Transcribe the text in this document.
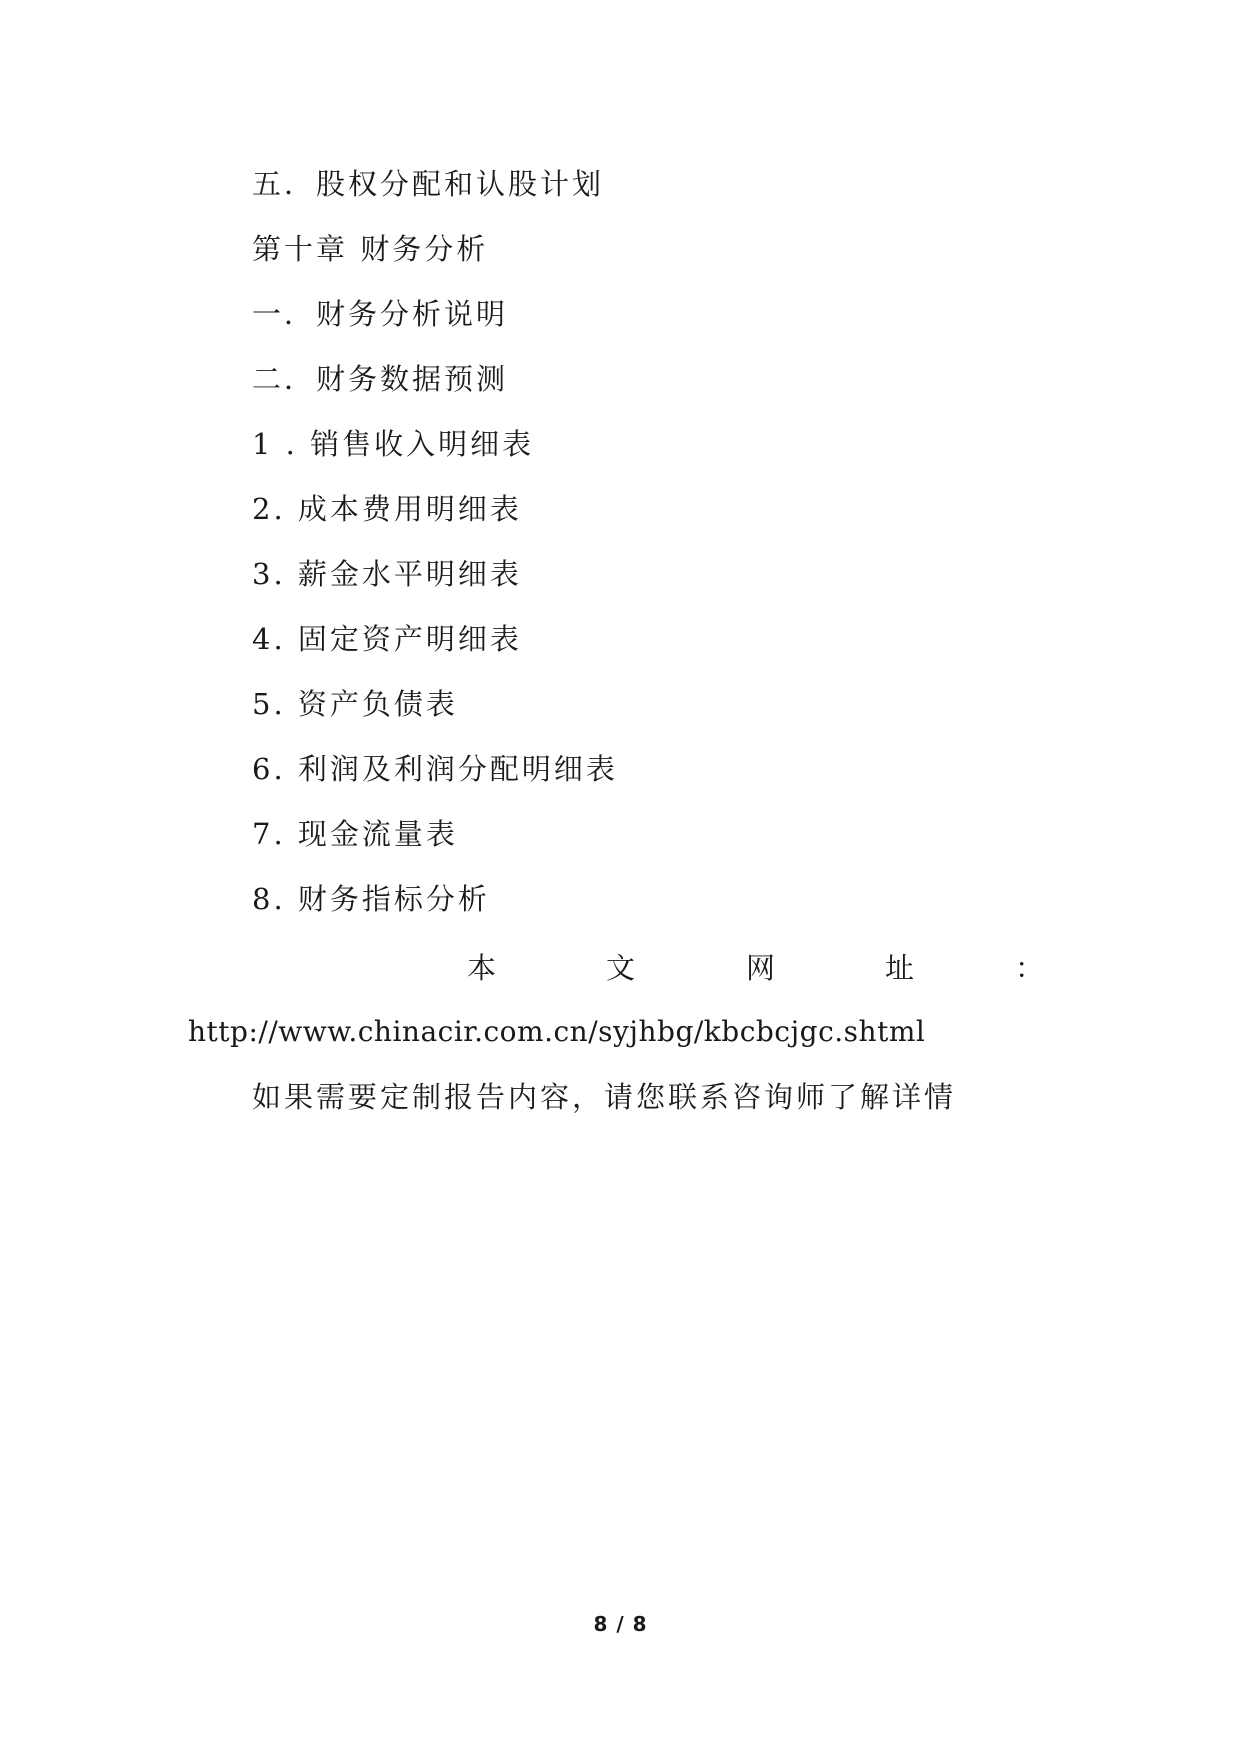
五．股权分配和认股计划
第十章 财务分析
一．财务分析说明
二．财务数据预测
1 . 销售收入明细表
2. 成本费用明细表
3. 薪金水平明细表
4. 固定资产明细表
5. 资产负债表
6. 利润及利润分配明细表
7. 现金流量表
8. 财务指标分析
本	文	网	址	：
http://www.chinacir.com.cn/syjhbg/kbcbcjgc.shtml
如果需要定制报告内容，请您联系咨询师了解详情
8 / 8
